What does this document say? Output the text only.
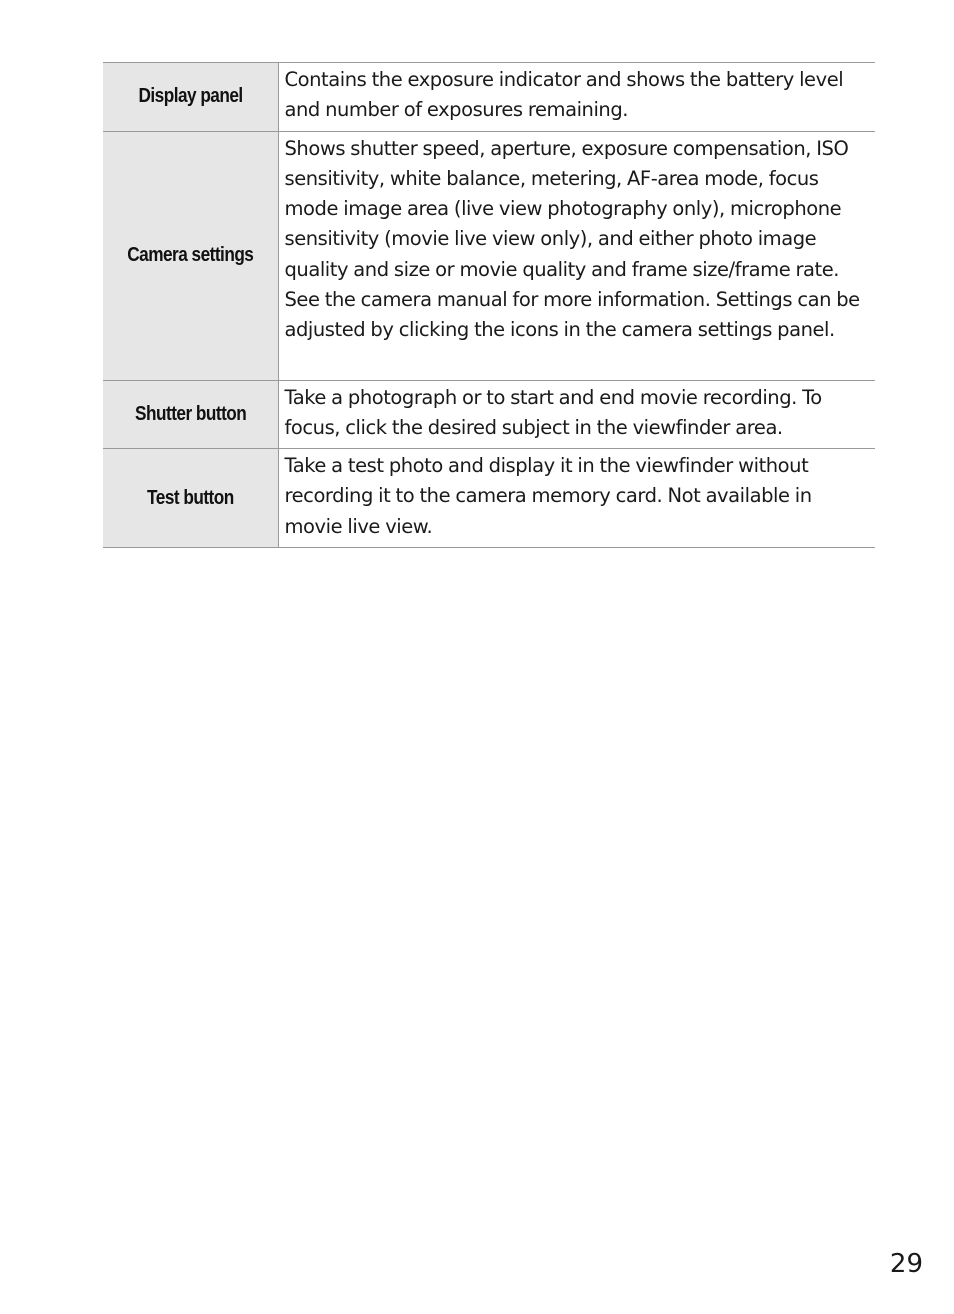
Display panel	Contains the exposure indicator and shows the battery level and number of exposures remaining.
Camera settings	Shows shutter speed, aperture, exposure compensation, ISO sensitivity, white balance, metering, AF-area mode, focus mode image area (live view photography only), microphone sensitivity (movie live view only), and either photo image quality and size or movie quality and frame size/frame rate. See the camera manual for more information. Settings can be adjusted by clicking the icons in the camera settings panel.
Shutter button	Take a photograph or to start and end movie recording. To focus, click the desired subject in the viewfinder area.
Test button	Take a test photo and display it in the viewfinder without recording it to the camera memory card. Not available in movie live view.
29
